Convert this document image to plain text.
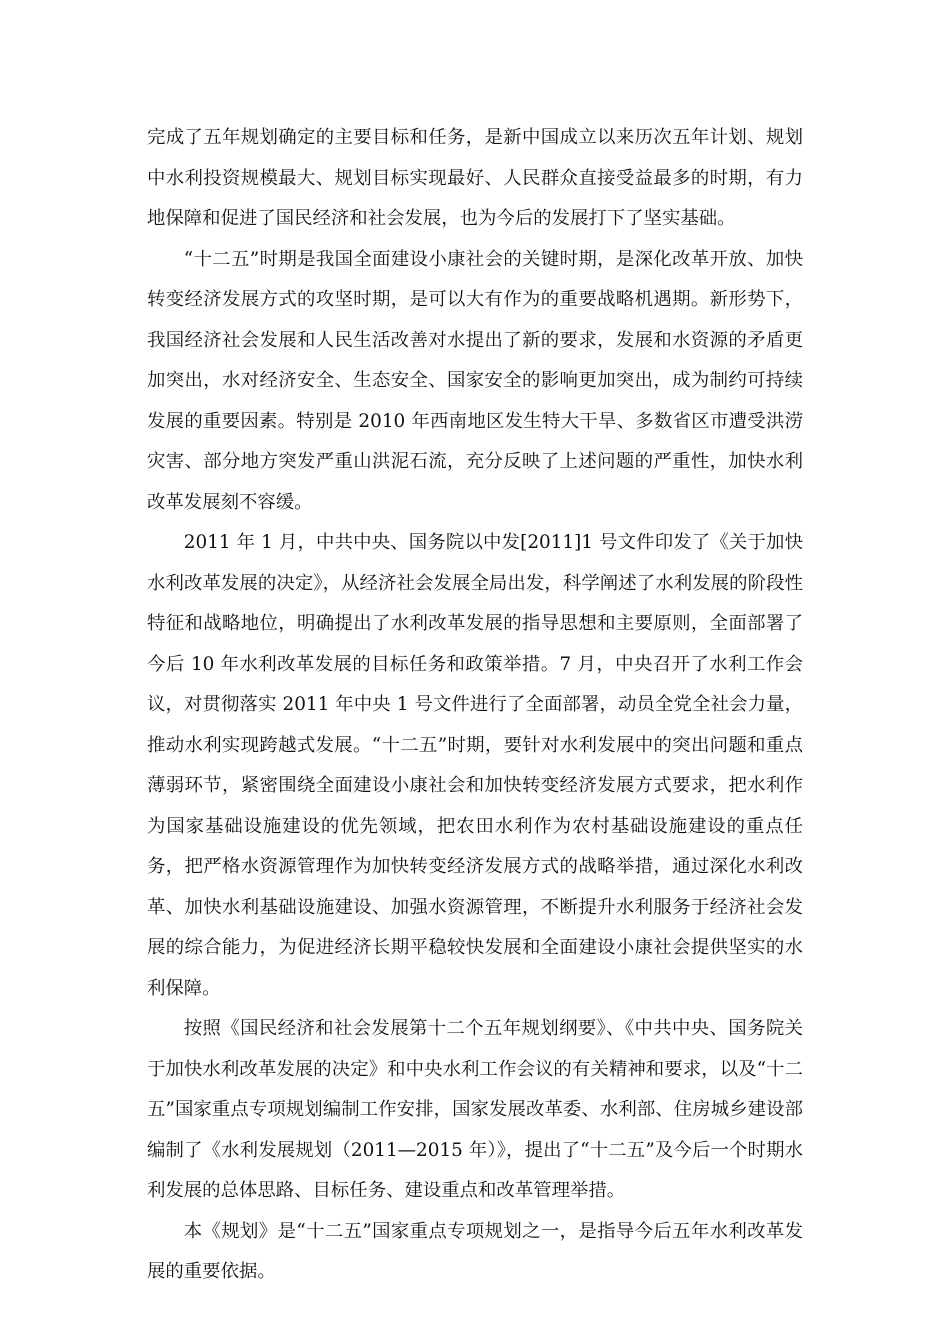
完成了五年规划确定的主要目标和任务，是新中国成立以来历次五年计划、规划中水利投资规模最大、规划目标实现最好、人民群众直接受益最多的时期，有力地保障和促进了国民经济和社会发展，也为今后的发展打下了坚实基础。

“十二五”时期是我国全面建设小康社会的关键时期，是深化改革开放、加快转变经济发展方式的攻坚时期，是可以大有作为的重要战略机遇期。新形势下，我国经济社会发展和人民生活改善对水提出了新的要求，发展和水资源的矛盾更加突出，水对经济安全、生态安全、国家安全的影响更加突出，成为制约可持续发展的重要因素。特别是 2010 年西南地区发生特大干旱、多数省区市遭受洪涝灾害、部分地方突发严重山洪泥石流，充分反映了上述问题的严重性，加快水利改革发展刻不容缓。

2011 年 1 月，中共中央、国务院以中发[2011]1 号文件印发了《关于加快水利改革发展的决定》，从经济社会发展全局出发，科学阐述了水利发展的阶段性特征和战略地位，明确提出了水利改革发展的指导思想和主要原则，全面部署了今后 10 年水利改革发展的目标任务和政策举措。7 月，中央召开了水利工作会议，对贯彻落实 2011 年中央 1 号文件进行了全面部署，动员全党全社会力量，推动水利实现跨越式发展。“十二五”时期，要针对水利发展中的突出问题和重点薄弱环节，紧密围绕全面建设小康社会和加快转变经济发展方式要求，把水利作为国家基础设施建设的优先领域，把农田水利作为农村基础设施建设的重点任务，把严格水资源管理作为加快转变经济发展方式的战略举措，通过深化水利改革、加快水利基础设施建设、加强水资源管理，不断提升水利服务于经济社会发展的综合能力，为促进经济长期平稳较快发展和全面建设小康社会提供坚实的水利保障。

按照《国民经济和社会发展第十二个五年规划纲要》、《中共中央、国务院关于加快水利改革发展的决定》和中央水利工作会议的有关精神和要求，以及“十二五”国家重点专项规划编制工作安排，国家发展改革委、水利部、住房城乡建设部编制了《水利发展规划（2011—2015 年）》，提出了“十二五”及今后一个时期水利发展的总体思路、目标任务、建设重点和改革管理举措。

本《规划》是“十二五”国家重点专项规划之一，是指导今后五年水利改革发展的重要依据。
